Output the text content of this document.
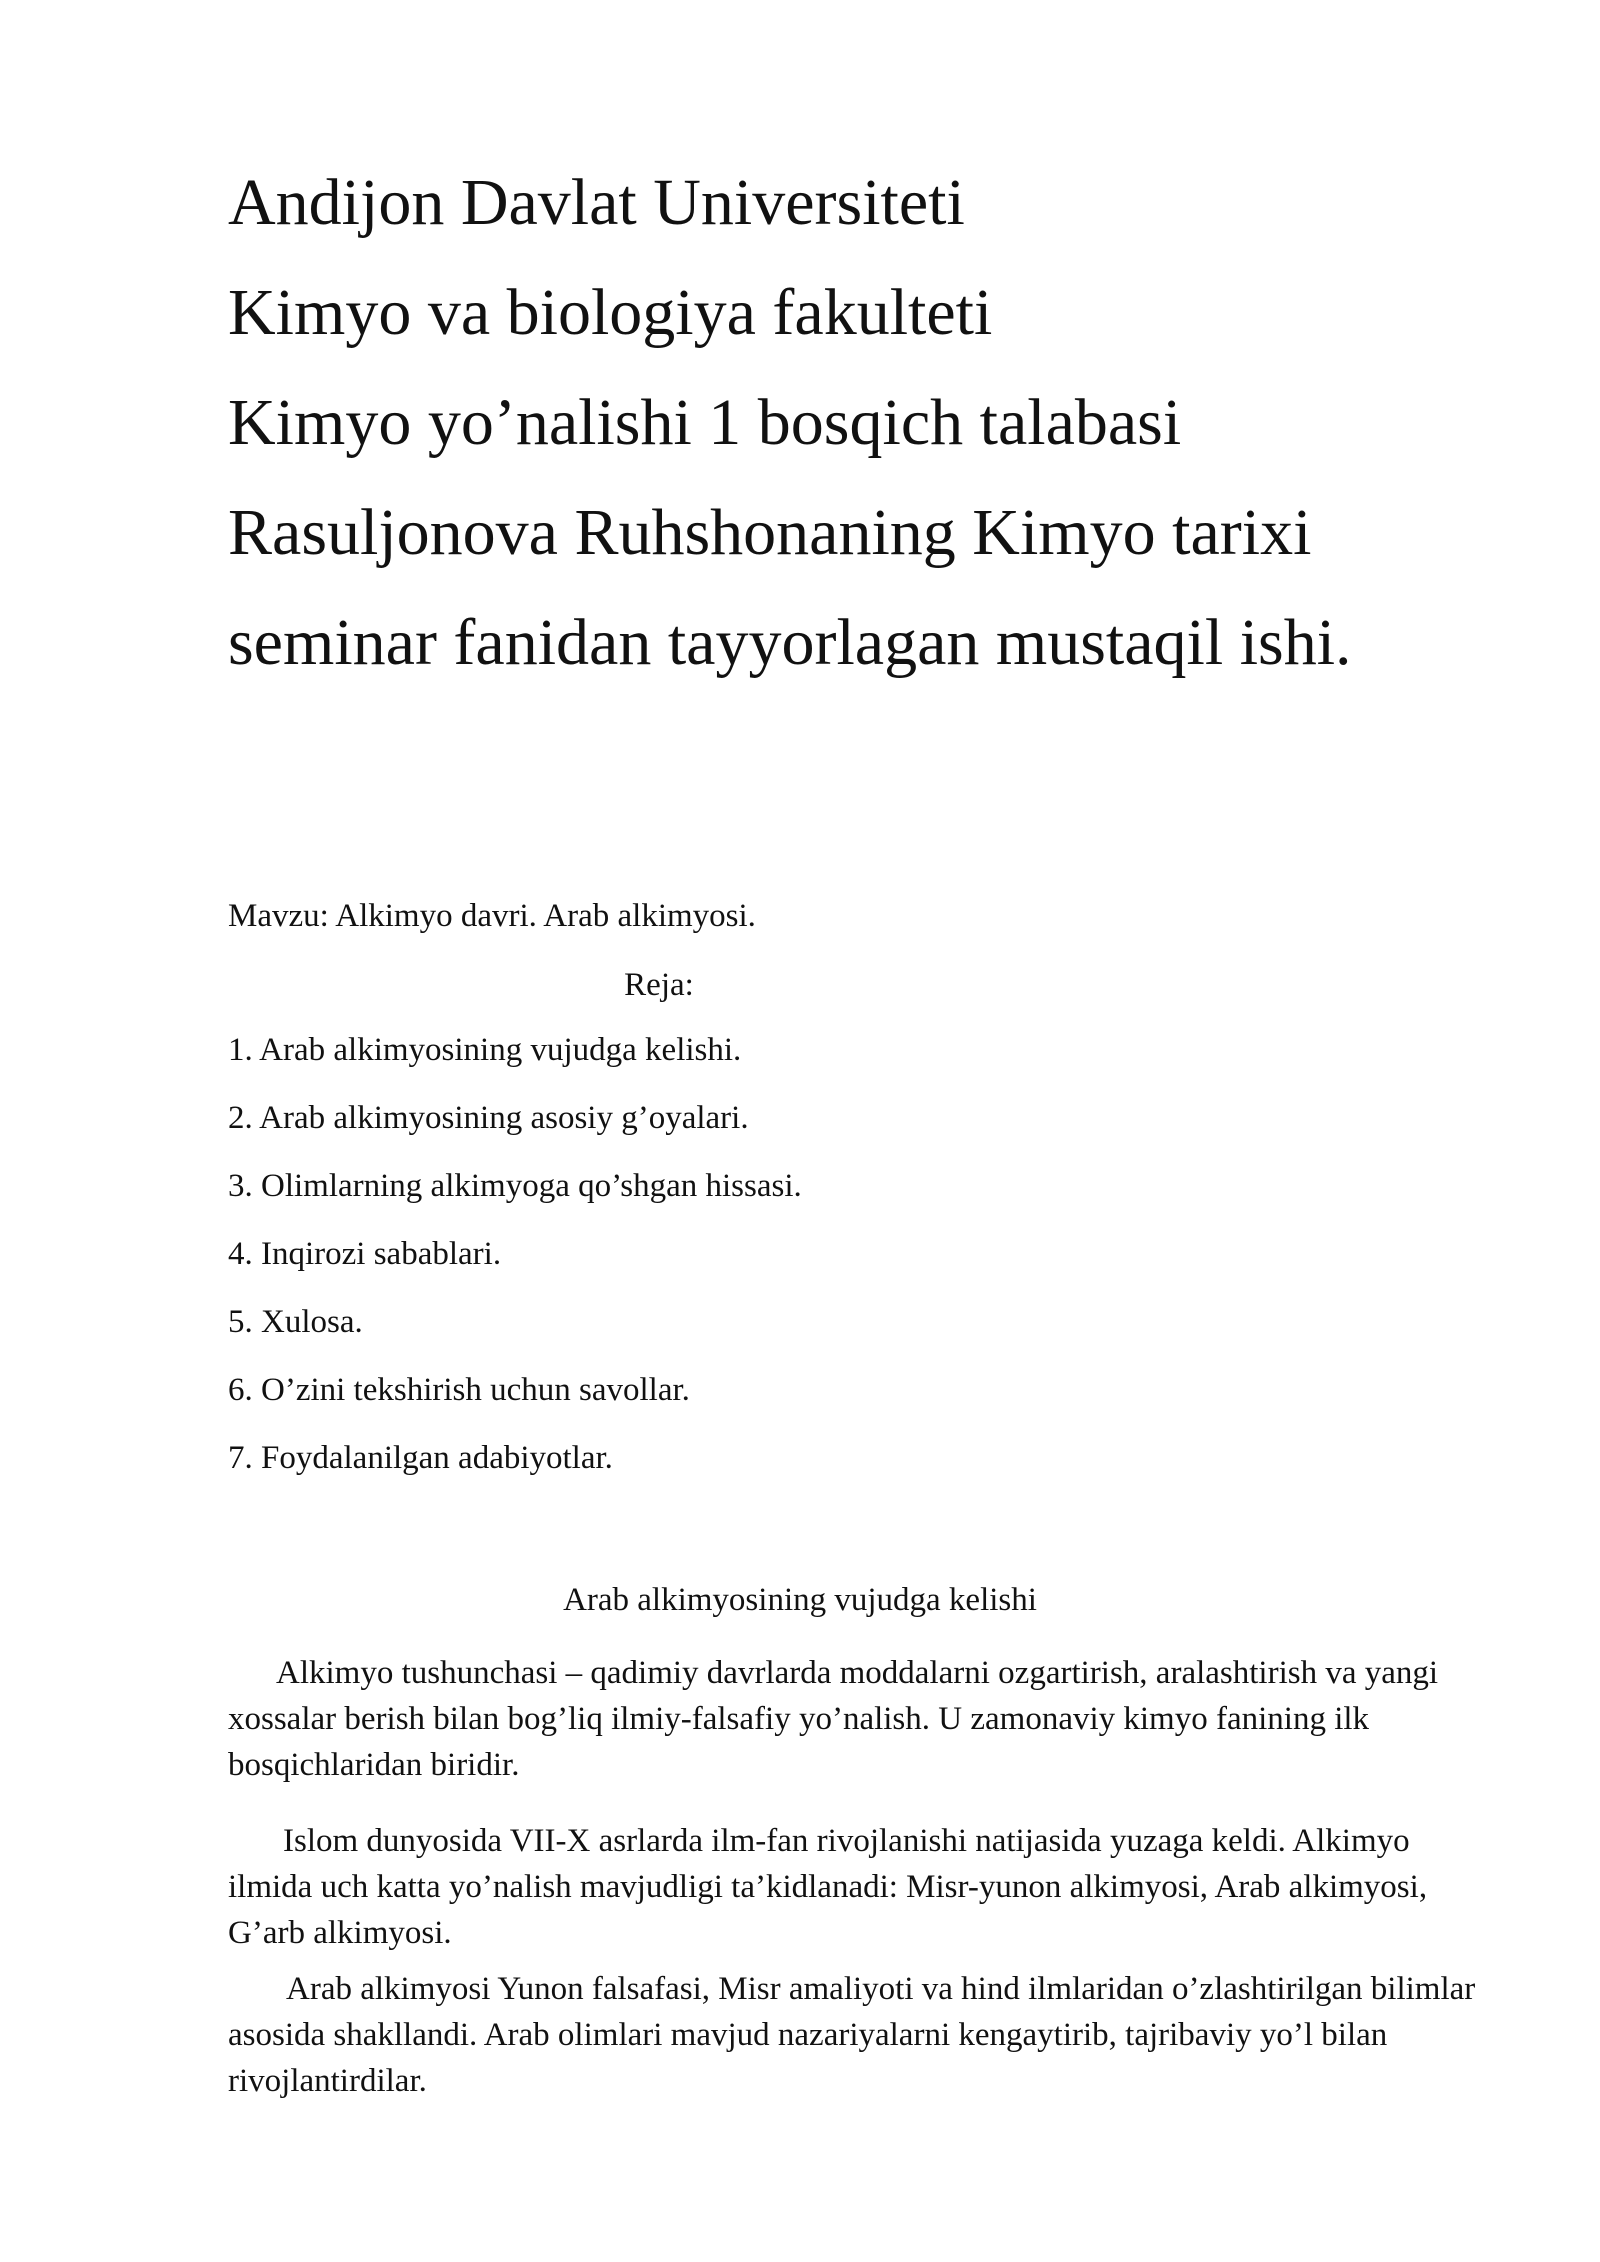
Andijon Davlat Universiteti
Kimyo va biologiya fakulteti
Kimyo yo’nalishi 1 bosqich talabasi
Rasuljonova Ruhshonaning Kimyo tarixi
seminar fanidan tayyorlagan mustaqil ishi.
Mavzu: Alkimyo davri. Arab alkimyosi.
Reja:
1. Arab alkimyosining vujudga kelishi.
2. Arab alkimyosining asosiy g’oyalari.
3. Olimlarning alkimyoga qo’shgan hissasi.
4. Inqirozi sabablari.
5. Xulosa.
6. O’zini tekshirish uchun savollar.
7. Foydalanilgan adabiyotlar.
Arab alkimyosining vujudga kelishi

Alkimyo tushunchasi – qadimiy davrlarda moddalarni ozgartirish, aralashtirish va yangi xossalar berish bilan bog’liq ilmiy-falsafiy yo’nalish. U zamonaviy kimyo fanining ilk bosqichlaridan biridir.

Islom dunyosida VII-X asrlarda ilm-fan rivojlanishi natijasida yuzaga keldi. Alkimyo ilmida uch katta yo’nalish mavjudligi ta’kidlanadi: Misr-yunon alkimyosi, Arab alkimyosi, G’arb alkimyosi.

Arab alkimyosi Yunon falsafasi, Misr amaliyoti va hind ilmlaridan o’zlashtirilgan bilimlar asosida shakllandi. Arab olimlari mavjud nazariyalarni kengaytirib, tajribaviy yo’l bilan rivojlantirdilar.
